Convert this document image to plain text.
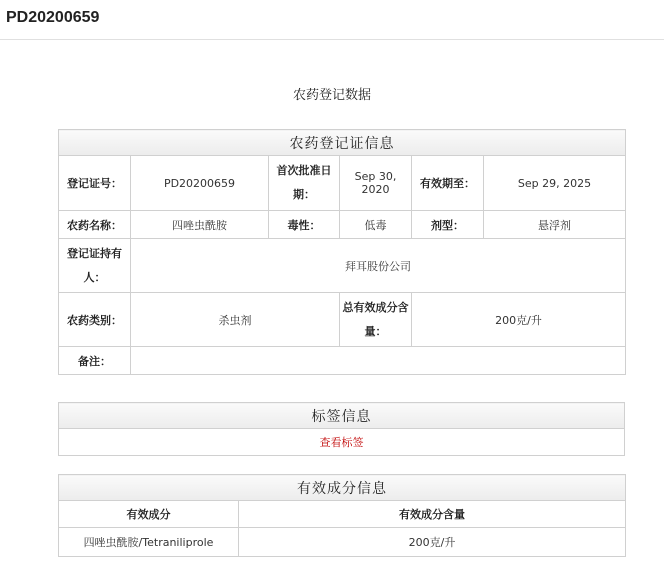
PD20200659
农药登记数据
农药登记证信息					
登记证号：	PD20200659	首次批准日期：	Sep 30, 2020	有效期至：	Sep 29, 2025
农药名称：	四唑虫酰胺	毒性：	低毒	剂型：	悬浮剂
登记证持有人：	拜耳股份公司				
农药类别：	杀虫剂		总有效成分含量：	200克/升	
备注：					
标签信息
查看标签
有效成分信息	
有效成分	有效成分含量
四唑虫酰胺/Tetraniliprole	200克/升
